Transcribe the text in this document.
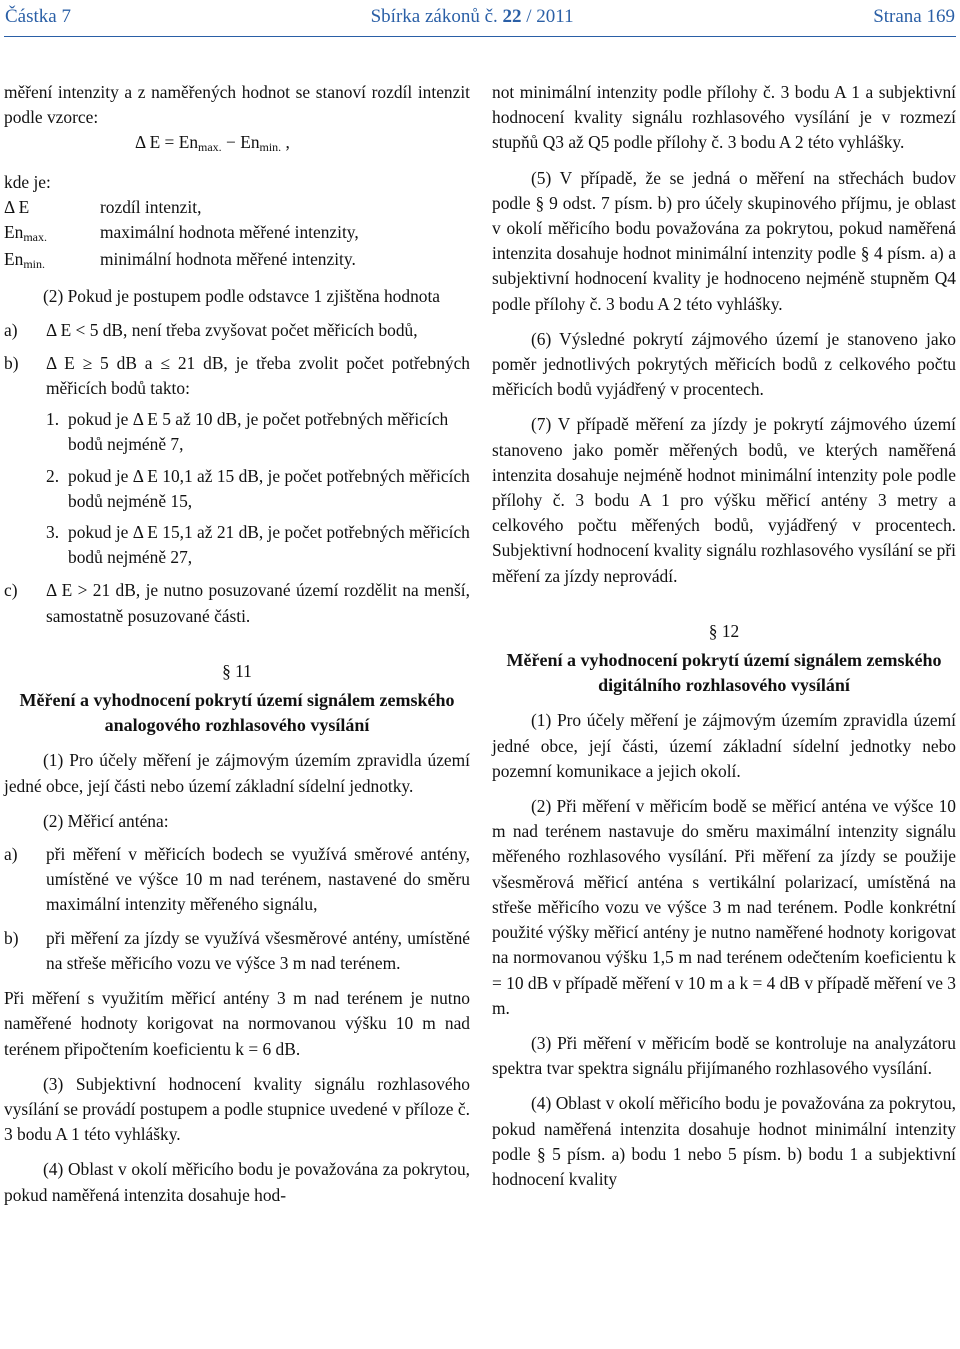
Částka 7	Sbírka zákonů č. 22 / 2011	Strana 169

měření intenzity a z naměřených hodnot se stanoví rozdíl intenzit podle vzorce:

Δ $E = En_{max.} - En_{min.}$ ,

kde je:

Δ E	rozdíl intenzit,
$En_{max.}$	maximální hodnota měřené intenzity,
$En_{min.}$	minimální hodnota měřené intenzity.

(2) Pokud je postupem podle odstavce 1 zjištěna hodnota

a)	Δ E < 5 dB, není třeba zvyšovat počet měřicích bodů,
b)	Δ E ≥ 5 dB a ≤ 21 dB, je třeba zvolit počet potřebných měřicích bodů takto:
1. pokud je Δ E 5 až 10 dB, je počet potřebných měřicích bodů nejméně 7,
2. pokud je Δ E 10,1 až 15 dB, je počet potřebných měřicích bodů nejméně 15,
3. pokud je Δ E 15,1 až 21 dB, je počet potřebných měřicích bodů nejméně 27,
c)	Δ E > 21 dB, je nutno posuzované území rozdělit na menší, samostatně posuzované části.

§ 11

Měření a vyhodnocení pokrytí území signálem zemského analogového rozhlasového vysílání

(1) Pro účely měření je zájmovým územím zpravidla území jedné obce, její části nebo území základní sídelní jednotky.

(2) Měřicí anténa:

a)	při měření v měřicích bodech se využívá směrové antény, umístěné ve výšce 10 m nad terénem, nastavené do směru maximální intenzity měřeného signálu,
b)	při měření za jízdy se využívá všesměrové antény, umístěné na střeše měřicího vozu ve výšce 3 m nad terénem.

Při měření s využitím měřicí antény 3 m nad terénem je nutno naměřené hodnoty korigovat na normovanou výšku 10 m nad terénem připočtením koeficientu k = 6 dB.

(3) Subjektivní hodnocení kvality signálu rozhlasového vysílání se provádí postupem a podle stupnice uvedené v příloze č. 3 bodu A 1 této vyhlášky.

(4) Oblast v okolí měřicího bodu je považována za pokrytou, pokud naměřená intenzita dosahuje hod-

not minimální intenzity podle přílohy č. 3 bodu A 1 a subjektivní hodnocení kvality signálu rozhlasového vysílání je v rozmezí stupňů Q3 až Q5 podle přílohy č. 3 bodu A 2 této vyhlášky.

(5) V případě, že se jedná o měření na střechách budov podle § 9 odst. 7 písm. b) pro účely skupinového příjmu, je oblast v okolí měřicího bodu považována za pokrytou, pokud naměřená intenzita dosahuje hodnot minimální intenzity podle § 4 písm. a) a subjektivní hodnocení kvality je hodnoceno nejméně stupněm Q4 podle přílohy č. 3 bodu A 2 této vyhlášky.

(6) Výsledné pokrytí zájmového území je stanoveno jako poměr jednotlivých pokrytých měřicích bodů z celkového počtu měřicích bodů vyjádřený v procentech.

(7) V případě měření za jízdy je pokrytí zájmového území stanoveno jako poměr měřených bodů, ve kterých naměřená intenzita dosahuje nejméně hodnot minimální intenzity pole podle přílohy č. 3 bodu A 1 pro výšku měřicí antény 3 metry a celkového počtu měřených bodů, vyjádřený v procentech. Subjektivní hodnocení kvality signálu rozhlasového vysílání se při měření za jízdy neprovádí.

§ 12

Měření a vyhodnocení pokrytí území signálem zemského digitálního rozhlasového vysílání

(1) Pro účely měření je zájmovým územím zpravidla území jedné obce, její části, území základní sídelní jednotky nebo pozemní komunikace a jejich okolí.

(2) Při měření v měřicím bodě se měřicí anténa ve výšce 10 m nad terénem nastavuje do směru maximální intenzity signálu měřeného rozhlasového vysílání. Při měření za jízdy se použije všesměrová měřicí anténa s vertikální polarizací, umístěná na střeše měřicího vozu ve výšce 3 m nad terénem. Podle konkrétní použité výšky měřicí antény je nutno naměřené hodnoty korigovat na normovanou výšku 1,5 m nad terénem odečtením koeficientu k = 10 dB v případě měření v 10 m a k = 4 dB v případě měření ve 3 m.

(3) Při měření v měřicím bodě se kontroluje na analyzátoru spektra tvar spektra signálu přijímaného rozhlasového vysílání.

(4) Oblast v okolí měřicího bodu je považována za pokrytou, pokud naměřená intenzita dosahuje hodnot minimální intenzity podle § 5 písm. a) bodu 1 nebo 5 písm. b) bodu 1 a subjektivní hodnocení kvality
